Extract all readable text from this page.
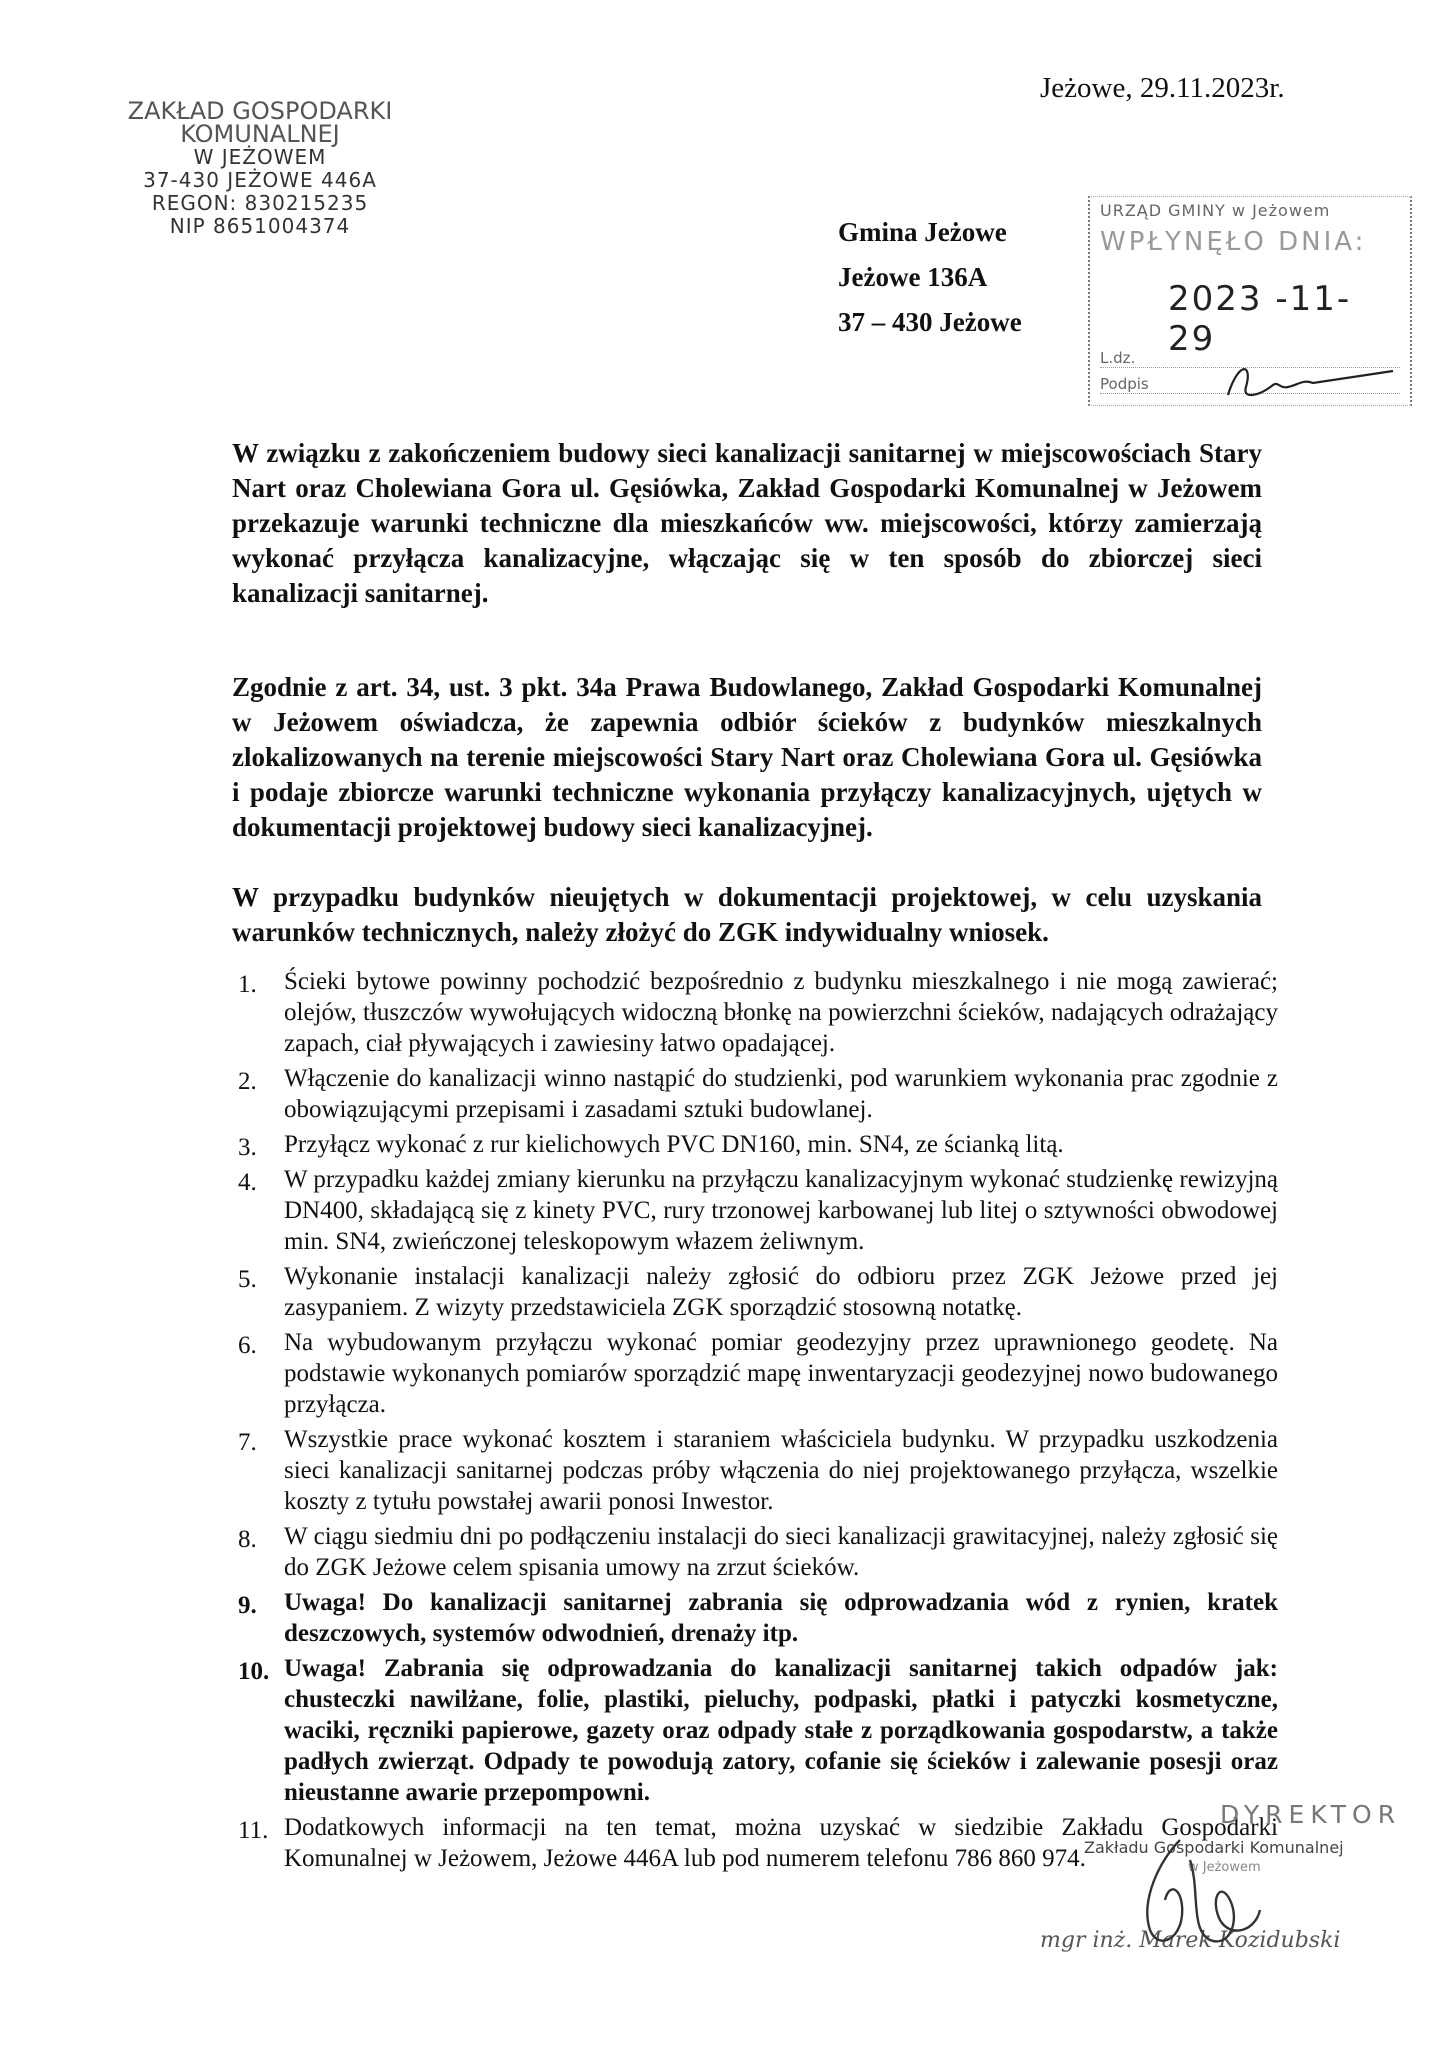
ZAKŁAD GOSPODARKI KOMUNALNEJ
W JEŻOWEM
37-430 JEŻOWE 446A
REGON: 830215235
NIP 8651004374
Jeżowe, 29.11.2023r.
Gmina Jeżowe
Jeżowe 136A
37 – 430 Jeżowe
URZĄD GMINY w Jeżowem
WPŁYNĘŁO DNIA:
2023 -11- 29
L.dz.
Podpis
W związku z zakończeniem budowy sieci kanalizacji sanitarnej w miejscowościach Stary Nart oraz Cholewiana Gora ul. Gęsiówka, Zakład Gospodarki Komunalnej w Jeżowem przekazuje warunki techniczne dla mieszkańców ww. miejscowości, którzy zamierzają wykonać przyłącza kanalizacyjne, włączając się w ten sposób do zbiorczej sieci kanalizacji sanitarnej.
Zgodnie z art. 34, ust. 3 pkt. 34a Prawa Budowlanego, Zakład Gospodarki Komunalnej w Jeżowem oświadcza, że zapewnia odbiór ścieków z budynków mieszkalnych zlokalizowanych na terenie miejscowości Stary Nart oraz Cholewiana Gora ul. Gęsiówka i podaje zbiorcze warunki techniczne wykonania przyłączy kanalizacyjnych, ujętych w dokumentacji projektowej budowy sieci kanalizacyjnej.
W przypadku budynków nieujętych w dokumentacji projektowej, w celu uzyskania warunków technicznych, należy złożyć do ZGK indywidualny wniosek.
1. Ścieki bytowe powinny pochodzić bezpośrednio z budynku mieszkalnego i nie mogą zawierać; olejów, tłuszczów wywołujących widoczną błonkę na powierzchni ścieków, nadających odrażający zapach, ciał pływających i zawiesiny łatwo opadającej.
2. Włączenie do kanalizacji winno nastąpić do studzienki, pod warunkiem wykonania prac zgodnie z obowiązującymi przepisami i zasadami sztuki budowlanej.
3. Przyłącz wykonać z rur kielichowych PVC DN160, min. SN4, ze ścianką litą.
4. W przypadku każdej zmiany kierunku na przyłączu kanalizacyjnym wykonać studzienkę rewizyjną DN400, składającą się z kinety PVC, rury trzonowej karbowanej lub litej o sztywności obwodowej min. SN4, zwieńczonej teleskopowym włazem żeliwnym.
5. Wykonanie instalacji kanalizacji należy zgłosić do odbioru przez ZGK Jeżowe przed jej zasypaniem. Z wizyty przedstawiciela ZGK sporządzić stosowną notatkę.
6. Na wybudowanym przyłączu wykonać pomiar geodezyjny przez uprawnionego geodetę. Na podstawie wykonanych pomiarów sporządzić mapę inwentaryzacji geodezyjnej nowo budowanego przyłącza.
7. Wszystkie prace wykonać kosztem i staraniem właściciela budynku. W przypadku uszkodzenia sieci kanalizacji sanitarnej podczas próby włączenia do niej projektowanego przyłącza, wszelkie koszty z tytułu powstałej awarii ponosi Inwestor.
8. W ciągu siedmiu dni po podłączeniu instalacji do sieci kanalizacji grawitacyjnej, należy zgłosić się do ZGK Jeżowe celem spisania umowy na zrzut ścieków.
9. Uwaga! Do kanalizacji sanitarnej zabrania się odprowadzania wód z rynien, kratek deszczowych, systemów odwodnień, drenaży itp.
10. Uwaga! Zabrania się odprowadzania do kanalizacji sanitarnej takich odpadów jak: chusteczki nawilżane, folie, plastiki, pieluchy, podpaski, płatki i patyczki kosmetyczne, waciki, ręczniki papierowe, gazety oraz odpady stałe z porządkowania gospodarstw, a także padłych zwierząt. Odpady te powodują zatory, cofanie się ścieków i zalewanie posesji oraz nieustanne awarie przepompowni.
11. Dodatkowych informacji na ten temat, można uzyskać w siedzibie Zakładu Gospodarki Komunalnej w Jeżowem, Jeżowe 446A lub pod numerem telefonu 786 860 974.
DYREKTOR
Zakładu Gospodarki Komunalnej
w Jeżowem
mgr inż. Marek Kozidubski
